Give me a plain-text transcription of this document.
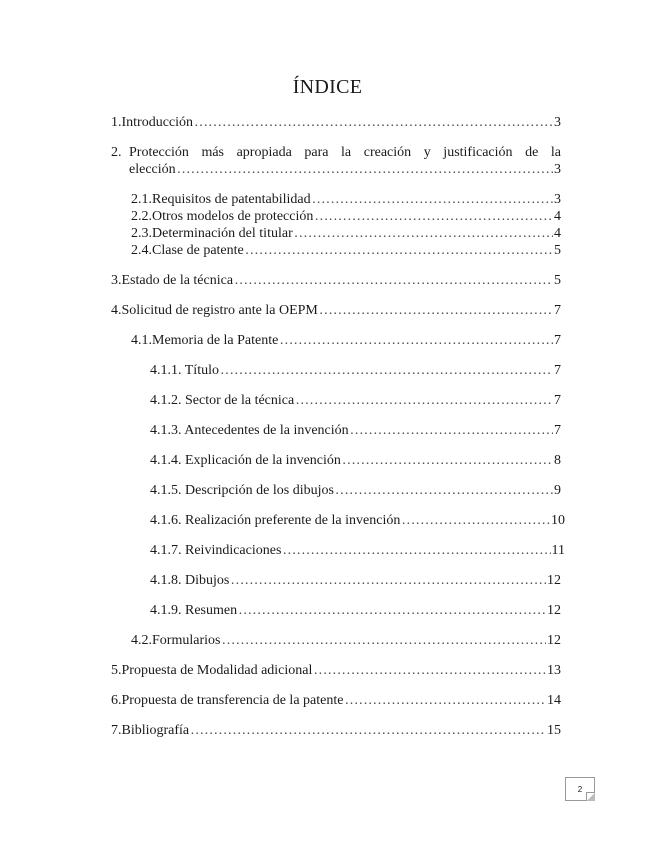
ÍNDICE
1. Introducción …………………………………………………………………………………………………………………………………	3
2. Protección más apropiada para la creación y justificación de la
elección …………………………………………………………………………………………………………………………………	3
2.1. Requisitos de patentabilidad …………………………………………………………………………………………………………………………………	3
2.2. Otros modelos de protección …………………………………………………………………………………………………………………………………	4
2.3. Determinación del titular …………………………………………………………………………………………………………………………………	4
2.4. Clase de patente …………………………………………………………………………………………………………………………………	5
3. Estado de la técnica …………………………………………………………………………………………………………………………………	5
4. Solicitud de registro ante la OEPM …………………………………………………………………………………………………………………………………	7
4.1. Memoria de la Patente …………………………………………………………………………………………………………………………………	7
4.1.1. Título …………………………………………………………………………………………………………………………………	7
4.1.2. Sector de la técnica …………………………………………………………………………………………………………………………………	7
4.1.3. Antecedentes de la invención …………………………………………………………………………………………………………………………………	7
4.1.4. Explicación de la invención …………………………………………………………………………………………………………………………………	8
4.1.5. Descripción de los dibujos …………………………………………………………………………………………………………………………………	9
4.1.6. Realización preferente de la invención …………………………………………………………………………………………………………………………………	10
4.1.7. Reivindicaciones …………………………………………………………………………………………………………………………………	11
4.1.8. Dibujos …………………………………………………………………………………………………………………………………	12
4.1.9. Resumen …………………………………………………………………………………………………………………………………	12
4.2. Formularios …………………………………………………………………………………………………………………………………	12
5. Propuesta de Modalidad adicional …………………………………………………………………………………………………………………………………	13
6. Propuesta de transferencia de la patente …………………………………………………………………………………………………………………………………	14
7. Bibliografía …………………………………………………………………………………………………………………………………	15
2
